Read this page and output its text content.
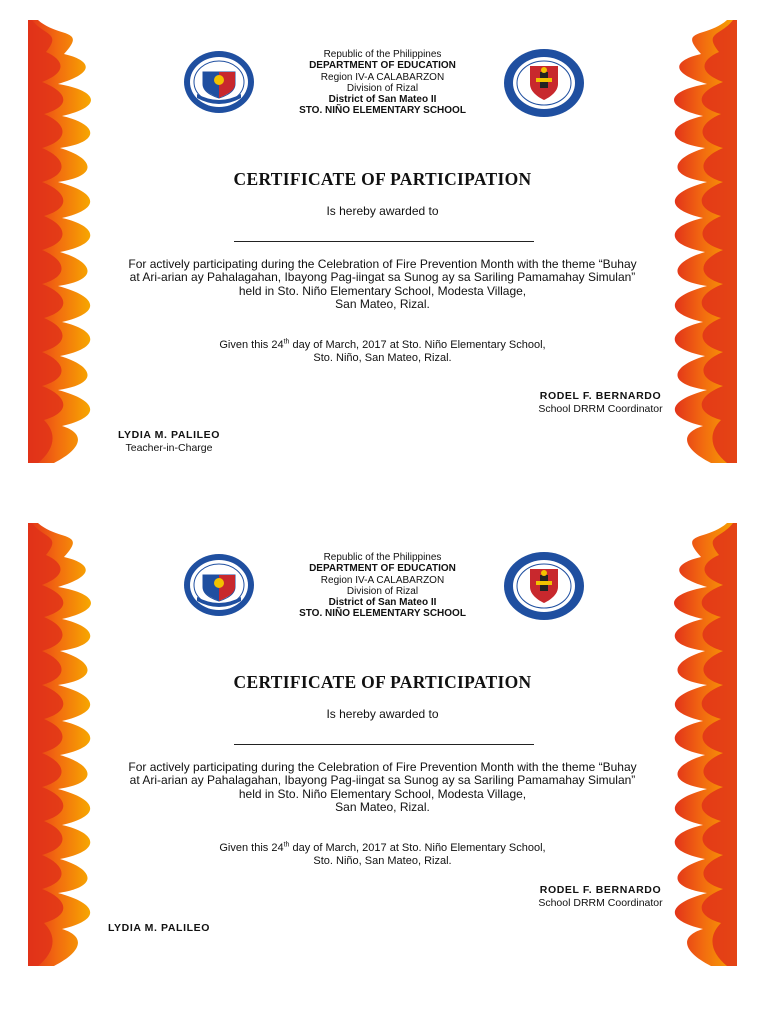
Republic of the Philippines
DEPARTMENT OF EDUCATION
Region IV-A CALABARZON
Division of Rizal
District of San Mateo II
STO. NIÑO ELEMENTARY SCHOOL
CERTIFICATE OF PARTICIPATION
Is hereby awarded to
For actively participating during the Celebration of Fire Prevention Month with the theme “Buhay
at Ari-arian ay Pahalagahan, Ibayong Pag-iingat sa Sunog ay sa Sariling Pamamahay Simulan”
held in Sto. Niño Elementary School, Modesta Village,
San Mateo, Rizal.
Given this 24th day of March, 2017 at Sto. Niño Elementary School,
Sto. Niño, San Mateo, Rizal.
RODEL F. BERNARDO
School DRRM Coordinator
LYDIA M. PALILEO
Teacher-in-Charge
Republic of the Philippines
DEPARTMENT OF EDUCATION
Region IV-A CALABARZON
Division of Rizal
District of San Mateo II
STO. NIÑO ELEMENTARY SCHOOL
CERTIFICATE OF PARTICIPATION
Is hereby awarded to
For actively participating during the Celebration of Fire Prevention Month with the theme “Buhay
at Ari-arian ay Pahalagahan, Ibayong Pag-iingat sa Sunog ay sa Sariling Pamamahay Simulan”
held in Sto. Niño Elementary School, Modesta Village,
San Mateo, Rizal.
Given this 24th day of March, 2017 at Sto. Niño Elementary School,
Sto. Niño, San Mateo, Rizal.
RODEL F. BERNARDO
School DRRM Coordinator
LYDIA M. PALILEO
